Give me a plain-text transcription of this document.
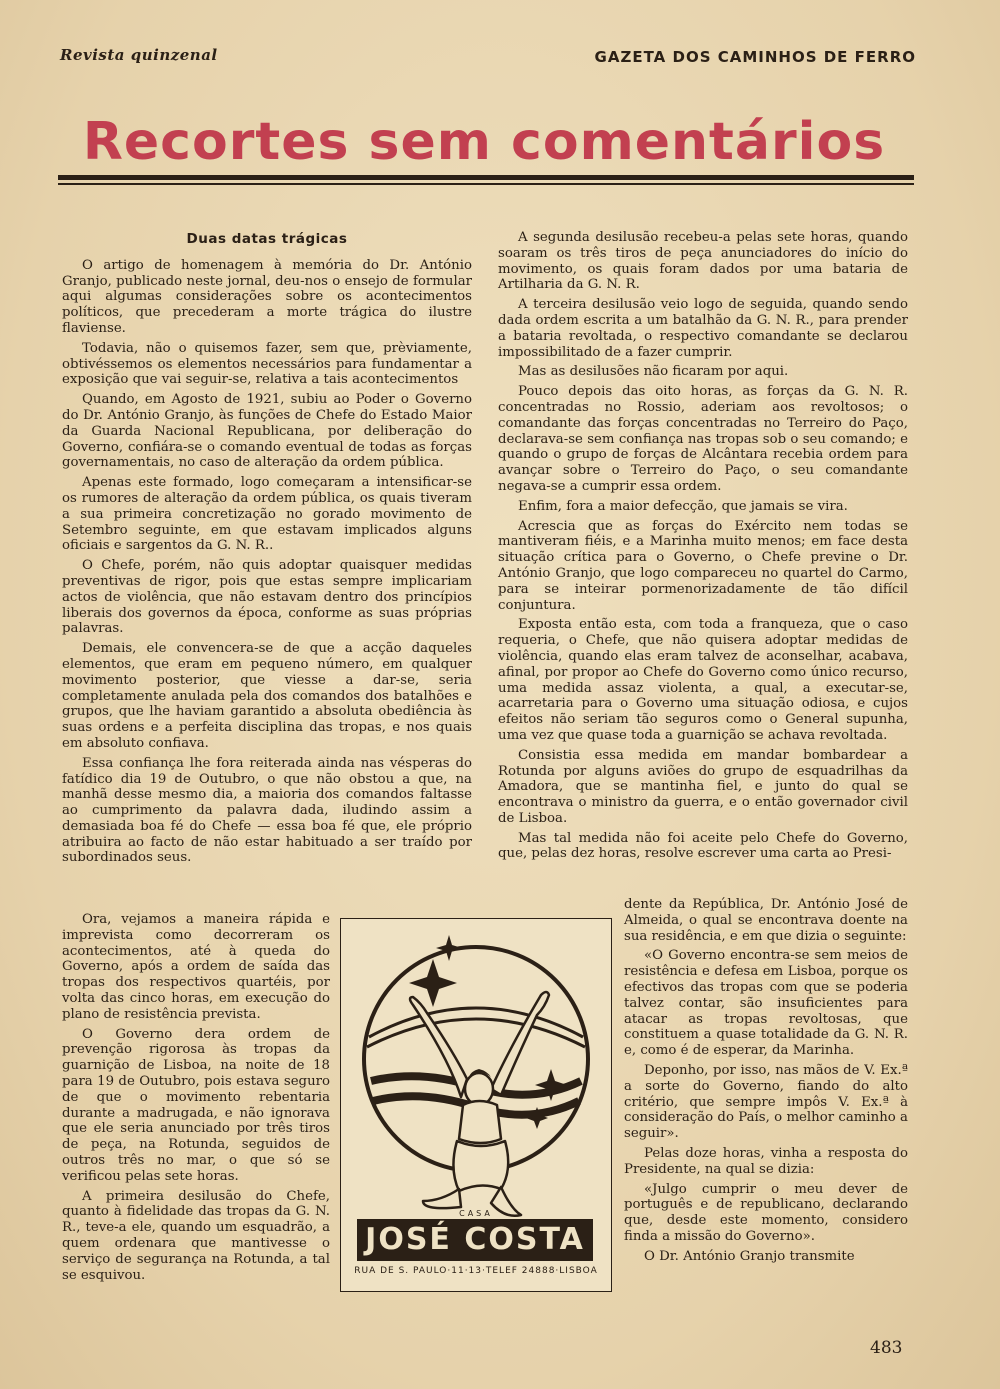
Revista quinzenal	GAZETA DOS CAMINHOS DE FERRO
Recortes sem comentários
Duas datas trágicas

O artigo de homenagem à memória do Dr. António Granjo, publicado neste jornal, deu-nos o ensejo de formular aqui algumas considerações sobre os acontecimentos políticos, que precederam a morte trágica do ilustre flaviense.

Todavia, não o quisemos fazer, sem que, prèviamente, obtivéssemos os elementos necessários para fundamentar a exposição que vai seguir-se, relativa a tais acontecimentos

Quando, em Agosto de 1921, subiu ao Poder o Governo do Dr. António Granjo, às funções de Chefe do Estado Maior da Guarda Nacional Republicana, por deliberação do Governo, confiára-se o comando eventual de todas as forças governamentais, no caso de alteração da ordem pública.

Apenas este formado, logo começaram a intensificar-se os rumores de alteração da ordem pública, os quais tiveram a sua primeira concretização no gorado movimento de Setembro seguinte, em que estavam implicados alguns oficiais e sargentos da G. N. R..

O Chefe, porém, não quis adoptar quaisquer medidas preventivas de rigor, pois que estas sempre implicariam actos de violência, que não estavam dentro dos princípios liberais dos governos da época, conforme as suas próprias palavras.

Demais, ele convencera-se de que a acção daqueles elementos, que eram em pequeno número, em qualquer movimento posterior, que viesse a dar-se, seria completamente anulada pela dos comandos dos batalhões e grupos, que lhe haviam garantido a absoluta obediência às suas ordens e a perfeita disciplina das tropas, e nos quais em absoluto confiava.

Essa confiança lhe fora reiterada ainda nas vésperas do fatídico dia 19 de Outubro, o que não obstou a que, na manhã desse mesmo dia, a maioria dos comandos faltasse ao cumprimento da palavra dada, iludindo assim a demasiada boa fé do Chefe — essa boa fé que, ele próprio atribuira ao facto de não estar habituado a ser traído por subordinados seus.

Ora, vejamos a maneira rápida e imprevista como decorreram os acontecimentos, até à queda do Governo, após a ordem de saída das tropas dos respectivos quartéis, por volta das cinco horas, em execução do plano de resistência prevista.

O Governo dera ordem de prevenção rigorosa às tropas da guarnição de Lisboa, na noite de 18 para 19 de Outubro, pois estava seguro de que o movimento rebentaria durante a madrugada, e não ignorava que ele seria anunciado por três tiros de peça, na Rotunda, seguidos de outros três no mar, o que só se verificou pelas sete horas.

A primeira desilusão do Chefe, quanto à fidelidade das tropas da G. N. R., teve-a ele, quando um esquadrão, a quem ordenara que mantivesse o serviço de segurança na Rotunda, a tal se esquivou.

A segunda desilusão recebeu-a pelas sete horas, quando soaram os três tiros de peça anunciadores do início do movimento, os quais foram dados por uma bataria de Artilharia da G. N. R.

A terceira desilusão veio logo de seguida, quando sendo dada ordem escrita a um batalhão da G. N. R., para prender a bataria revoltada, o respectivo comandante se declarou impossibilitado de a fazer cumprir.

Mas as desilusões não ficaram por aqui.

Pouco depois das oito horas, as forças da G. N. R. concentradas no Rossio, aderiam aos revoltosos; o comandante das forças concentradas no Terreiro do Paço, declarava-se sem confiança nas tropas sob o seu comando; e quando o grupo de forças de Alcântara recebia ordem para avançar sobre o Terreiro do Paço, o seu comandante negava-se a cumprir essa ordem.

Enfim, fora a maior defecção, que jamais se vira.

Acrescia que as forças do Exército nem todas se mantiveram fiéis, e a Marinha muito menos; em face desta situação crítica para o Governo, o Chefe previne o Dr. António Granjo, que logo compareceu no quartel do Carmo, para se inteirar pormenorizadamente de tão difícil conjuntura.

Exposta então esta, com toda a franqueza, que o caso requeria, o Chefe, que não quisera adoptar medidas de violência, quando elas eram talvez de aconselhar, acabava, afinal, por propor ao Chefe do Governo como único recurso, uma medida assaz violenta, a qual, a executar-se, acarretaria para o Governo uma situação odiosa, e cujos efeitos não seriam tão seguros como o General supunha, uma vez que quase toda a guarnição se achava revoltada.

Consistia essa medida em mandar bombardear a Rotunda por alguns aviões do grupo de esquadrilhas da Amadora, que se mantinha fiel, e junto do qual se encontrava o ministro da guerra, e o então governador civil de Lisboa.

Mas tal medida não foi aceite pelo Chefe do Governo, que, pelas dez horas, resolve escrever uma carta ao Presi-

dente da República, Dr. António José de Almeida, o qual se encontrava doente na sua residência, e em que dizia o seguinte:

«O Governo encontra-se sem meios de resistência e defesa em Lisboa, porque os efectivos das tropas com que se poderia talvez contar, são insuficientes para atacar as tropas revoltosas, que constituem a quase totalidade da G. N. R. e, como é de esperar, da Marinha.

Deponho, por isso, nas mãos de V. Ex.ª a sorte do Governo, fiando do alto critério, que sempre impôs V. Ex.ª à consideração do País, o melhor caminho a seguir».

Pelas doze horas, vinha a resposta do Presidente, na qual se dizia:

«Julgo cumprir o meu dever de português e de republicano, declarando que, desde este momento, considero finda a missão do Governo».

O Dr. António Granjo transmite

CASA
JOSÉ COSTA
RUA DE S. PAULO·11·13·TELEF 24888·LISBOA
483
